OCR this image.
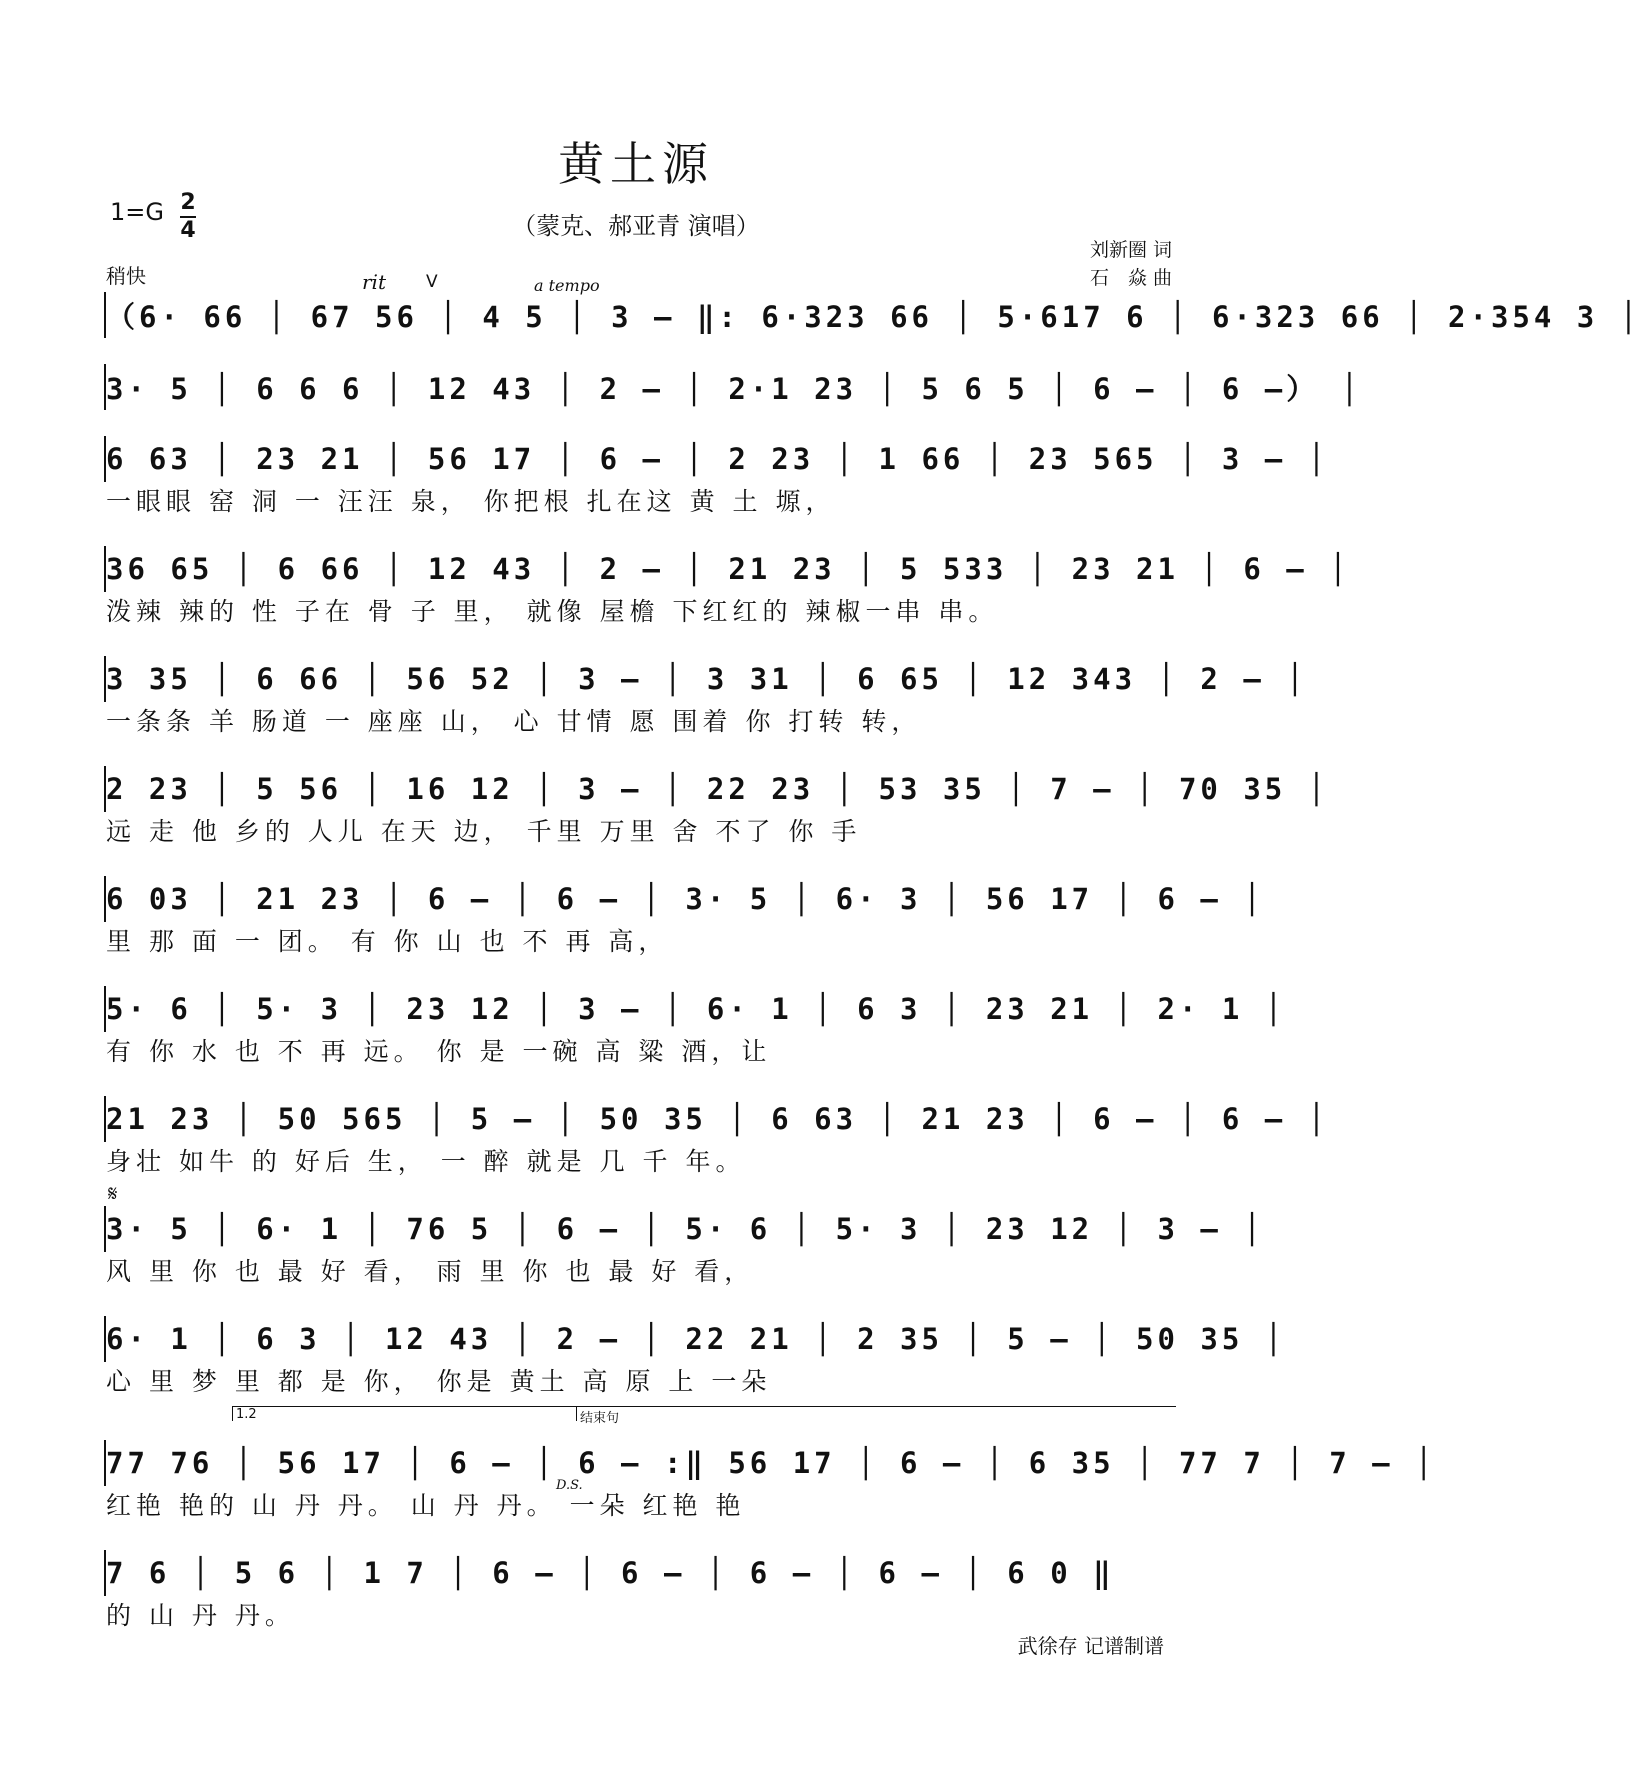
黄土源
（蒙克、郝亚青 演唱）
1=G 2
4
稍快
刘新圈 词
石　焱 曲
rit V	a tempo
（6· 66 │ 67 56 │ 4 5 │ 3 – ‖: 6·323 66 │ 5·617 6 │ 6·323 66 │ 2·354 3 │
3· 5 │ 6 6 6 │ 12 43 │ 2 – │ 2·1 23 │ 5 6 5 │ 6 – │ 6 –） │
6 63 │ 23 21 │ 56 17 │ 6 – │ 2 23 │ 1 66 │ 23 565 │ 3 – │
一眼眼 窑 洞 一 汪汪 泉， 你把根 扎在这 黄 土 塬，
36 65 │ 6 66 │ 12 43 │ 2 – │ 21 23 │ 5 533 │ 23 21 │ 6 – │
泼辣 辣的 性 子在 骨 子 里， 就像 屋檐 下红红的 辣椒一串 串。
3 35 │ 6 66 │ 56 52 │ 3 – │ 3 31 │ 6 65 │ 12 343 │ 2 – │
一条条 羊 肠道 一 座座 山， 心 甘情 愿 围着 你 打转 转，
2 23 │ 5 56 │ 16 12 │ 3 – │ 22 23 │ 53 35 │ 7 – │ 70 35 │
远 走 他 乡的 人儿 在天 边， 千里 万里 舍 不了 你 手
6 03 │ 21 23 │ 6 – │ 6 – │ 3· 5 │ 6· 3 │ 56 17 │ 6 – │
里 那 面 一 团。 有 你 山 也 不 再 高，
5· 6 │ 5· 3 │ 23 12 │ 3 – │ 6· 1 │ 6 3 │ 23 21 │ 2· 1 │
有 你 水 也 不 再 远。 你 是 一碗 高 粱 酒，让
21 23 │ 50 565 │ 5 – │ 50 35 │ 6 63 │ 21 23 │ 6 – │ 6 – │
身壮 如牛 的 好后 生， 一 醉 就是 几 千 年。
𝄋
3· 5 │ 6· 1 │ 76 5 │ 6 – │ 5· 6 │ 5· 3 │ 23 12 │ 3 – │
风 里 你 也 最 好 看， 雨 里 你 也 最 好 看，
6· 1 │ 6 3 │ 12 43 │ 2 – │ 22 21 │ 2 35 │ 5 – │ 50 35 │
心 里 梦 里 都 是 你， 你是 黄土 高 原 上 一朵
1.2	结束句
D.S.
77 76 │ 56 17 │ 6 – │ 6 – :‖ 56 17 │ 6 – │ 6 35 │ 77 7 │ 7 – │
红艳 艳的 山 丹 丹。 山 丹 丹。 一朵 红艳 艳
7 6 │ 5 6 │ 1 7 │ 6 – │ 6 – │ 6 – │ 6 – │ 6 0 ‖
的 山 丹 丹。
武徐存 记谱制谱
